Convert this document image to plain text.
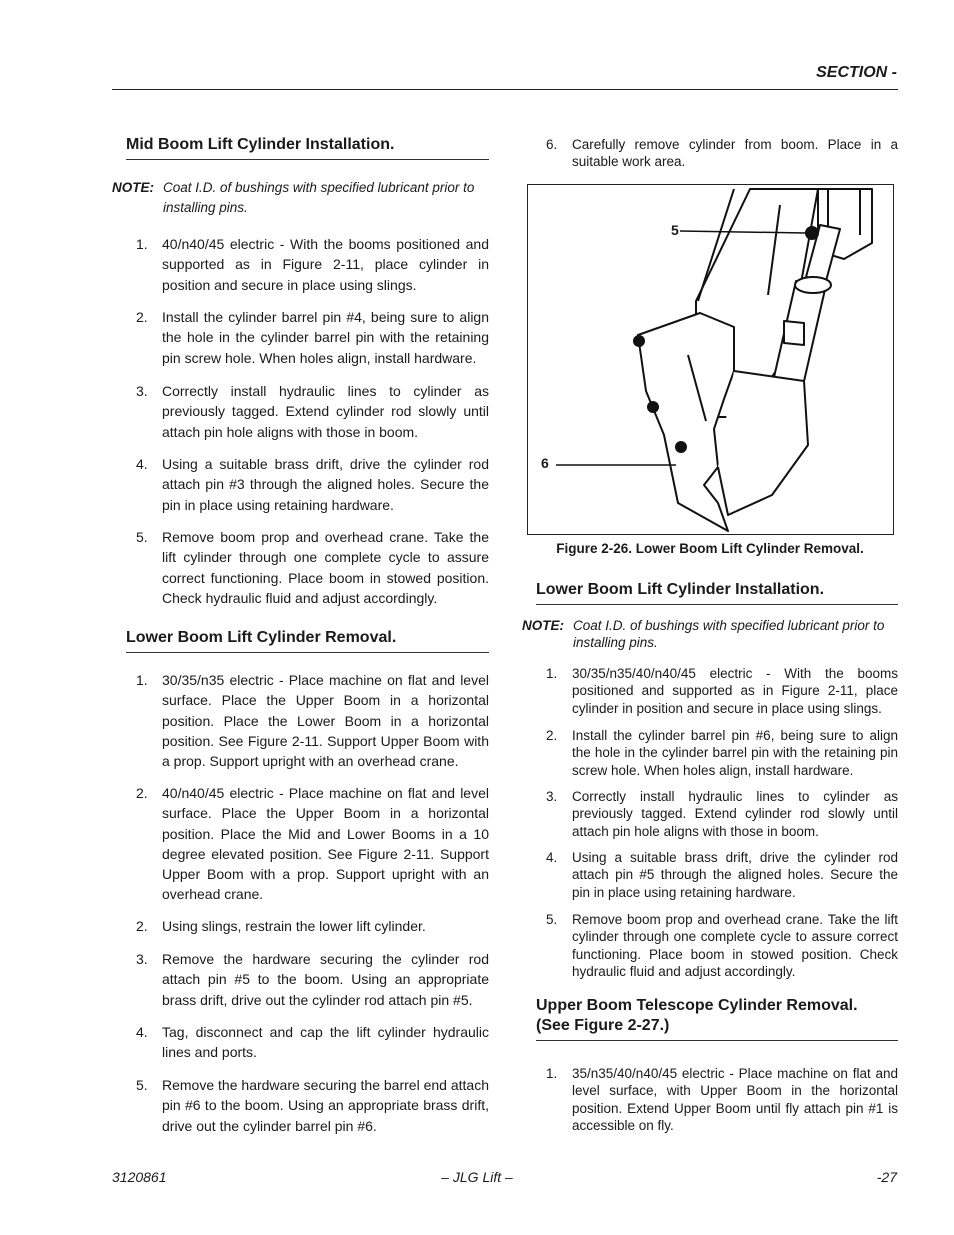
SECTION -
Mid Boom Lift Cylinder Installation.
NOTE: Coat I.D. of bushings with specified lubricant prior to installing pins.
1. 40/n40/45 electric - With the booms positioned and supported as in Figure 2-11, place cylinder in position and secure in place using slings.
2. Install the cylinder barrel pin #4, being sure to align the hole in the cylinder barrel pin with the retaining pin screw hole. When holes align, install hardware.
3. Correctly install hydraulic lines to cylinder as previously tagged. Extend cylinder rod slowly until attach pin hole aligns with those in boom.
4. Using a suitable brass drift, drive the cylinder rod attach pin #3 through the aligned holes. Secure the pin in place using retaining hardware.
5. Remove boom prop and overhead crane. Take the lift cylinder through one complete cycle to assure correct functioning. Place boom in stowed position. Check hydraulic fluid and adjust accordingly.
Lower Boom Lift Cylinder Removal.
1. 30/35/n35 electric - Place machine on flat and level surface. Place the Upper Boom in a horizontal position. Place the Lower Boom in a horizontal position. See Figure 2-11. Support Upper Boom with a prop. Support upright with an overhead crane.
2. 40/n40/45 electric - Place machine on flat and level surface. Place the Upper Boom in a horizontal position. Place the Mid and Lower Booms in a 10 degree elevated position. See Figure 2-11. Support Upper Boom with a prop. Support upright with an overhead crane.
2. Using slings, restrain the lower lift cylinder.
3. Remove the hardware securing the cylinder rod attach pin #5 to the boom. Using an appropriate brass drift, drive out the cylinder rod attach pin #5.
4. Tag, disconnect and cap the lift cylinder hydraulic lines and ports.
5. Remove the hardware securing the barrel end attach pin #6 to the boom. Using an appropriate brass drift, drive out the cylinder barrel pin #6.
6. Carefully remove cylinder from boom. Place in a suitable work area.
5
6
Figure 2-26. Lower Boom Lift Cylinder Removal.
Lower Boom Lift Cylinder Installation.
NOTE: Coat I.D. of bushings with specified lubricant prior to installing pins.
1. 30/35/n35/40/n40/45 electric - With the booms positioned and supported as in Figure 2-11, place cylinder in position and secure in place using slings.
2. Install the cylinder barrel pin #6, being sure to align the hole in the cylinder barrel pin with the retaining pin screw hole. When holes align, install hardware.
3. Correctly install hydraulic lines to cylinder as previously tagged. Extend cylinder rod slowly until attach pin hole aligns with those in boom.
4. Using a suitable brass drift, drive the cylinder rod attach pin #5 through the aligned holes. Secure the pin in place using retaining hardware.
5. Remove boom prop and overhead crane. Take the lift cylinder through one complete cycle to assure correct functioning. Place boom in stowed position. Check hydraulic fluid and adjust accordingly.
Upper Boom Telescope Cylinder Removal.
(See Figure 2-27.)
1. 35/n35/40/n40/45 electric - Place machine on flat and level surface, with Upper Boom in the horizontal position. Extend Upper Boom until fly attach pin #1 is accessible on fly.
3120861	– JLG Lift –	-27
